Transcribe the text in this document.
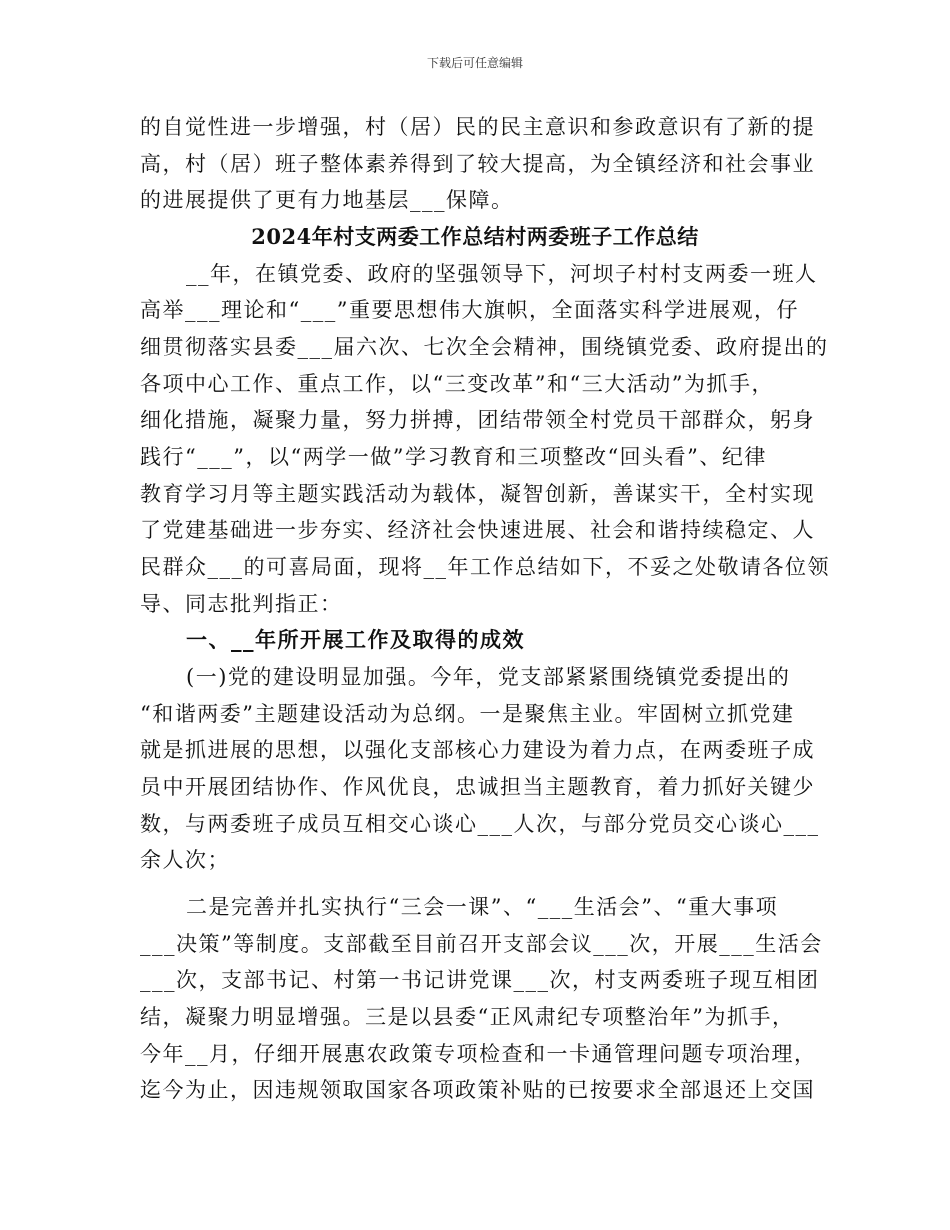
下载后可任意编辑
的自觉性进一步增强，村（居）民的民主意识和参政意识有了新的提
高，村（居）班子整体素养得到了较大提高，为全镇经济和社会事业
的进展提供了更有力地基层___保障。
2024年村支两委工作总结村两委班子工作总结
__年，在镇党委、政府的坚强领导下，河坝子村村支两委一班人
高举___理论和“___”重要思想伟大旗帜，全面落实科学进展观，仔
细贯彻落实县委___届六次、七次全会精神，围绕镇党委、政府提出的
各项中心工作、重点工作，以“三变改革”和“三大活动”为抓手，
细化措施，凝聚力量，努力拼搏，团结带领全村党员干部群众，躬身
践行“___”，以“两学一做”学习教育和三项整改“回头看”、纪律
教育学习月等主题实践活动为载体，凝智创新，善谋实干，全村实现
了党建基础进一步夯实、经济社会快速进展、社会和谐持续稳定、人
民群众___的可喜局面，现将__年工作总结如下，不妥之处敬请各位领
导、同志批判指正：
一、__年所开展工作及取得的成效
(一)党的建设明显加强。今年，党支部紧紧围绕镇党委提出的
“和谐两委”主题建设活动为总纲。一是聚焦主业。牢固树立抓党建
就是抓进展的思想，以强化支部核心力建设为着力点，在两委班子成
员中开展团结协作、作风优良，忠诚担当主题教育，着力抓好关键少
数，与两委班子成员互相交心谈心___人次，与部分党员交心谈心___
余人次；
二是完善并扎实执行“三会一课”、“___生活会”、“重大事项
___决策”等制度。支部截至目前召开支部会议___次，开展___生活会
___次，支部书记、村第一书记讲党课___次，村支两委班子现互相团
结，凝聚力明显增强。三是以县委“正风肃纪专项整治年”为抓手，
今年__月，仔细开展惠农政策专项检查和一卡通管理问题专项治理，
迄今为止，因违规领取国家各项政策补贴的已按要求全部退还上交国
